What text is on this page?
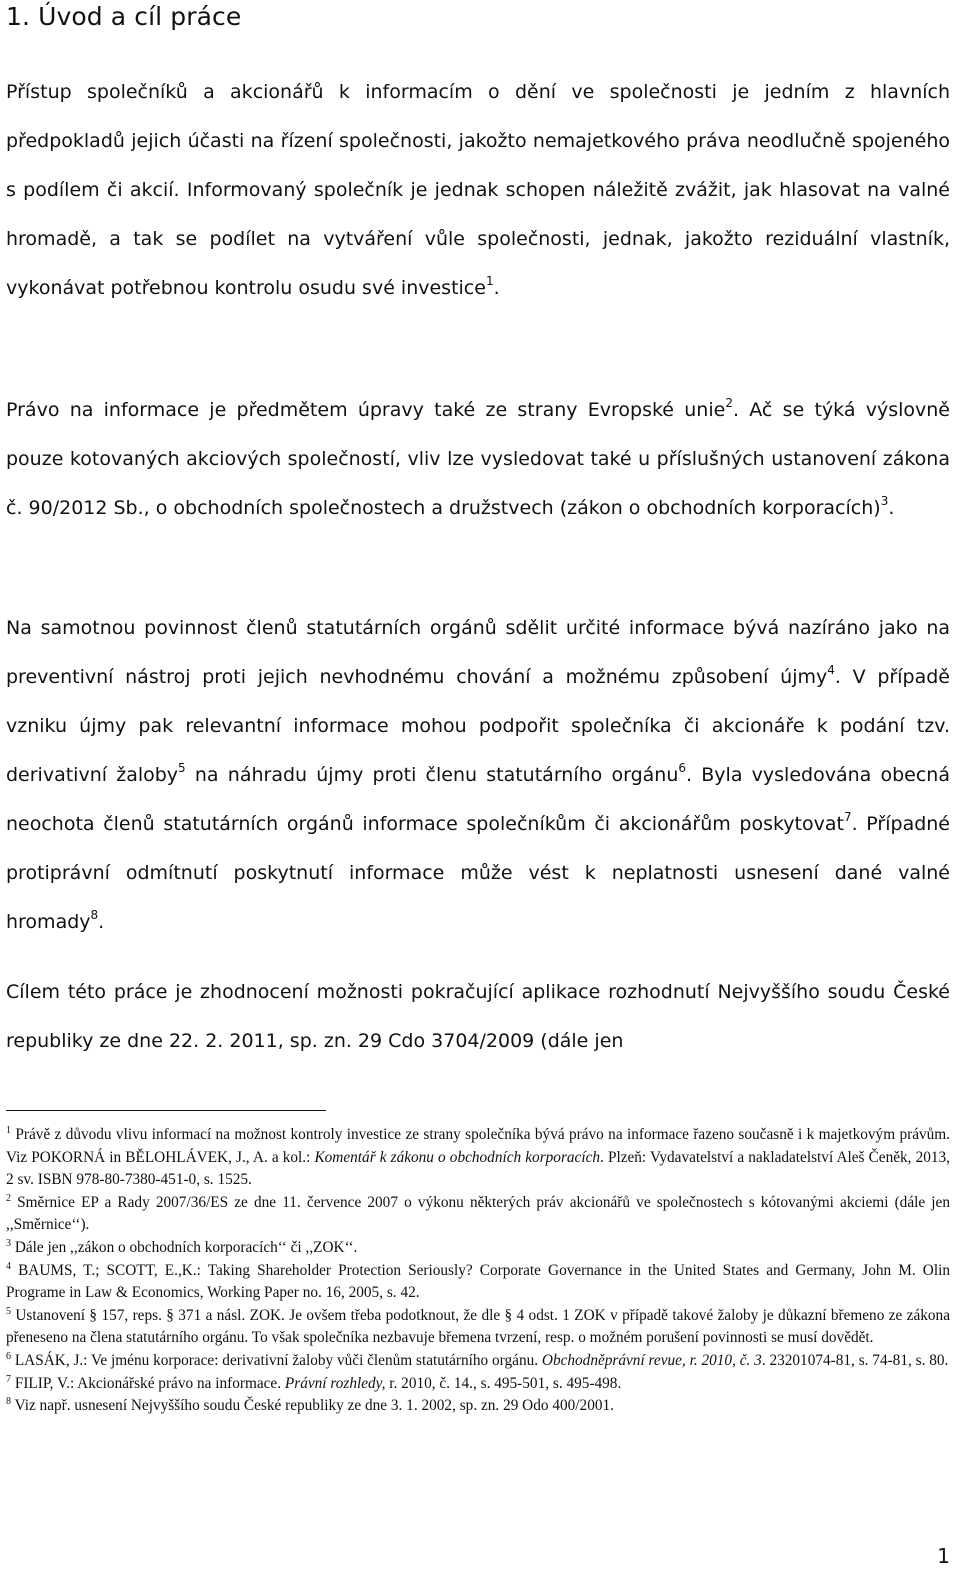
1. Úvod a cíl práce

Přístup společníků a akcionářů k informacím o dění ve společnosti je jedním z hlavních předpokladů jejich účasti na řízení společnosti, jakožto nemajetkového práva neodlučně spojeného s podílem či akcií. Informovaný společník je jednak schopen náležitě zvážit, jak hlasovat na valné hromadě, a tak se podílet na vytváření vůle společnosti, jednak, jakožto reziduální vlastník, vykonávat potřebnou kontrolu osudu své investice$^1$.

Právo na informace je předmětem úpravy také ze strany Evropské unie$^2$. Ač se týká výslovně pouze kotovaných akciových společností, vliv lze vysledovat také u příslušných ustanovení zákona č. 90/2012 Sb., o obchodních společnostech a družstvech (zákon o obchodních korporacích)$^3$.

Na samotnou povinnost členů statutárních orgánů sdělit určité informace bývá nazíráno jako na preventivní nástroj proti jejich nevhodnému chování a možnému způsobení újmy$^4$. V případě vzniku újmy pak relevantní informace mohou podpořit společníka či akcionáře k podání tzv. derivativní žaloby$^5$ na náhradu újmy proti členu statutárního orgánu$^6$. Byla vysledována obecná neochota členů statutárních orgánů informace společníkům či akcionářům poskytovat$^7$. Případné protiprávní odmítnutí poskytnutí informace může vést k neplatnosti usnesení dané valné hromady$^8$.

Cílem této práce je zhodnocení možnosti pokračující aplikace rozhodnutí Nejvyššího soudu České republiky ze dne 22. 2. 2011, sp. zn. 29 Cdo 3704/2009 (dále jen

$^1$ Právě z důvodu vlivu informací na možnost kontroly investice ze strany společníka bývá právo na informace řazeno současně i k majetkovým právům. Viz POKORNÁ in BĚLOHLÁVEK, J., A. a kol.: Komentář k zákonu o obchodních korporacích. Plzeň: Vydavatelství a nakladatelství Aleš Čeněk, 2013, 2 sv. ISBN 978-80-7380-451-0, s. 1525.

$^2$ Směrnice EP a Rady 2007/36/ES ze dne 11. července 2007 o výkonu některých práv akcionářů ve společnostech s kótovanými akciemi (dále jen ,,Směrnice‘‘).

$^3$ Dále jen ,,zákon o obchodních korporacích‘‘ či ,,ZOK‘‘.

$^4$ BAUMS, T.; SCOTT, E.,K.: Taking Shareholder Protection Seriously? Corporate Governance in the United States and Germany, John M. Olin Programe in Law & Economics, Working Paper no. 16, 2005, s. 42.

$^5$ Ustanovení § 157, reps. § 371 a násl. ZOK. Je ovšem třeba podotknout, že dle § 4 odst. 1 ZOK v případě takové žaloby je důkazní břemeno ze zákona přeneseno na člena statutárního orgánu. To však společníka nezbavuje břemena tvrzení, resp. o možném porušení povinnosti se musí dovědět.

$^6$ LASÁK, J.: Ve jménu korporace: derivativní žaloby vůči členům statutárního orgánu. Obchodněprávní revue, r. 2010, č. 3. 23201074-81, s. 74-81, s. 80.

$^7$ FILIP, V.: Akcionářské právo na informace. Právní rozhledy, r. 2010, č. 14., s. 495-501, s. 495-498.

$^8$ Viz např. usnesení Nejvyššího soudu České republiky ze dne 3. 1. 2002, sp. zn. 29 Odo 400/2001.

1
